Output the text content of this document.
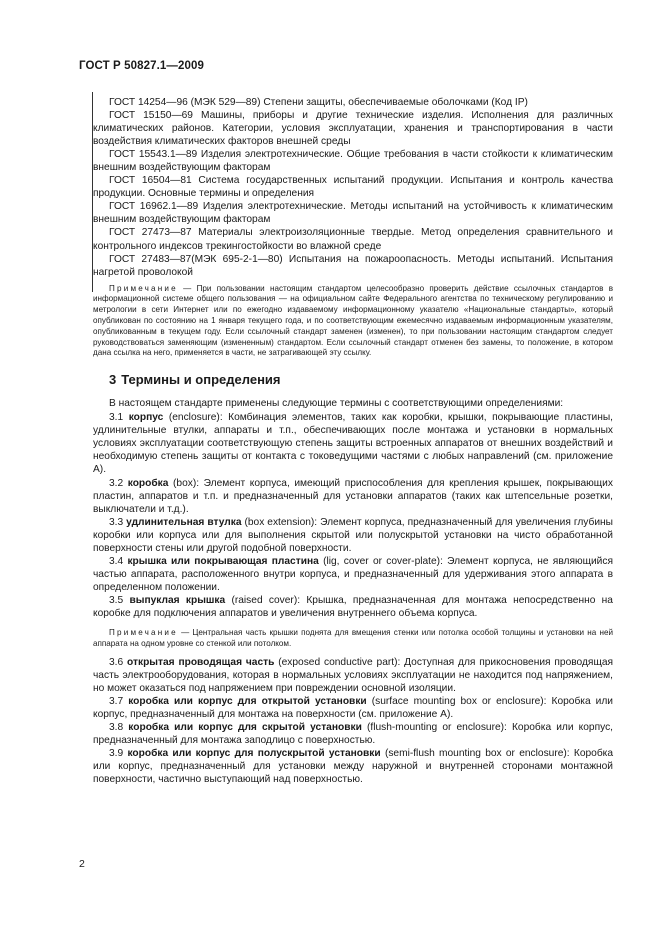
ГОСТ Р 50827.1—2009

ГОСТ 14254—96 (МЭК 529—89) Степени защиты, обеспечиваемые оболочками (Код IP)

ГОСТ 15150—69 Машины, приборы и другие технические изделия. Исполнения для различных климатических районов. Категории, условия эксплуатации, хранения и транспортирования в части воздействия климатических факторов внешней среды

ГОСТ 15543.1—89 Изделия электротехнические. Общие требования в части стойкости к климатическим внешним воздействующим факторам

ГОСТ 16504—81 Система государственных испытаний продукции. Испытания и контроль качества продукции. Основные термины и определения

ГОСТ 16962.1—89 Изделия электротехнические. Методы испытаний на устойчивость к климатическим внешним воздействующим факторам

ГОСТ 27473—87 Материалы электроизоляционные твердые. Метод определения сравнительного и контрольного индексов трекингостойкости во влажной среде

ГОСТ 27483—87(МЭК 695-2-1—80) Испытания на пожароопасность. Методы испытаний. Испытания нагретой проволокой

Примечание — При пользовании настоящим стандартом целесообразно проверить действие ссылочных стандартов в информационной системе общего пользования — на официальном сайте Федерального агентства по техническому регулированию и метрологии в сети Интернет или по ежегодно издаваемому информационному указателю «Национальные стандарты», который опубликован по состоянию на 1 января текущего года, и по соответствующим ежемесячно издаваемым информационным указателям, опубликованным в текущем году. Если ссылочный стандарт заменен (изменен), то при пользовании настоящим стандартом следует руководствоваться заменяющим (измененным) стандартом. Если ссылочный стандарт отменен без замены, то положение, в котором дана ссылка на него, применяется в части, не затрагивающей эту ссылку.

3 Термины и определения

В настоящем стандарте применены следующие термины с соответствующими определениями:

3.1 корпус (enclosure): Комбинация элементов, таких как коробки, крышки, покрывающие пластины, удлинительные втулки, аппараты и т.п., обеспечивающих после монтажа и установки в нормальных условиях эксплуатации соответствующую степень защиты встроенных аппаратов от внешних воздействий и необходимую степень защиты от контакта с токоведущими частями с любых направлений (см. приложение А).

3.2 коробка (box): Элемент корпуса, имеющий приспособления для крепления крышек, покрывающих пластин, аппаратов и т.п. и предназначенный для установки аппаратов (таких как штепсельные розетки, выключатели и т.д.).

3.3 удлинительная втулка (box extension): Элемент корпуса, предназначенный для увеличения глубины коробки или корпуса или для выполнения скрытой или полускрытой установки на чисто обработанной поверхности стены или другой подобной поверхности.

3.4 крышка или покрывающая пластина (lig, cover or cover-plate): Элемент корпуса, не являющийся частью аппарата, расположенного внутри корпуса, и предназначенный для удерживания этого аппарата в определенном положении.

3.5 выпуклая крышка (raised cover): Крышка, предназначенная для монтажа непосредственно на коробке для подключения аппаратов и увеличения внутреннего объема корпуса.

Примечание — Центральная часть крышки поднята для вмещения стенки или потолка особой толщины и установки на ней аппарата на одном уровне со стенкой или потолком.

3.6 открытая проводящая часть (exposed conductive part): Доступная для прикосновения проводящая часть электрооборудования, которая в нормальных условиях эксплуатации не находится под напряжением, но может оказаться под напряжением при повреждении основной изоляции.

3.7 коробка или корпус для открытой установки (surface mounting box or enclosure): Коробка или корпус, предназначенный для монтажа на поверхности (см. приложение А).

3.8 коробка или корпус для скрытой установки (flush-mounting or enclosure): Коробка или корпус, предназначенный для монтажа заподлицо с поверхностью.

3.9 коробка или корпус для полускрытой установки (semi-flush mounting box or enclosure): Коробка или корпус, предназначенный для установки между наружной и внутренней сторонами монтажной поверхности, частично выступающий над поверхностью.

2
